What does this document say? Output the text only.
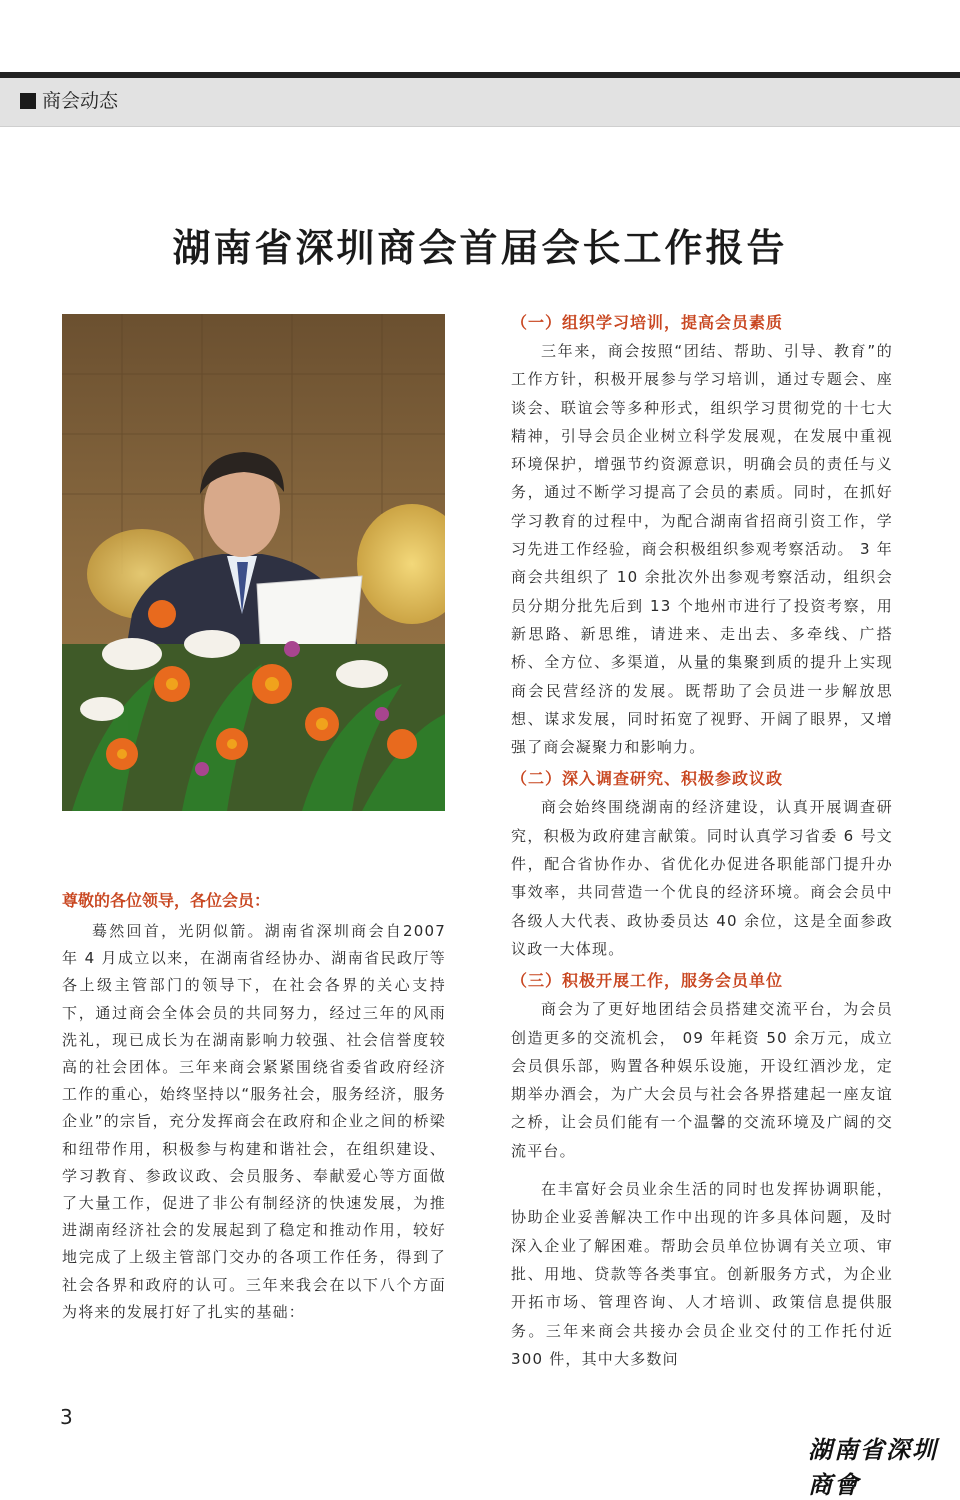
商会动态
湖南省深圳商会首届会长工作报告

尊敬的各位领导，各位会员：

蓦然回首，光阴似箭。湖南省深圳商会自2007 年 4 月成立以来，在湖南省经协办、湖南省民政厅等各上级主管部门的领导下，在社会各界的关心支持下，通过商会全体会员的共同努力，经过三年的风雨洗礼，现已成长为在湖南影响力较强、社会信誉度较高的社会团体。三年来商会紧紧围绕省委省政府经济工作的重心，始终坚持以“服务社会，服务经济，服务企业”的宗旨，充分发挥商会在政府和企业之间的桥梁和纽带作用，积极参与构建和谐社会，在组织建设、学习教育、参政议政、会员服务、奉献爱心等方面做了大量工作，促进了非公有制经济的快速发展，为推进湖南经济社会的发展起到了稳定和推动作用，较好地完成了上级主管部门交办的各项工作任务，得到了社会各界和政府的认可。三年来我会在以下八个方面为将来的发展打好了扎实的基础：

（一）组织学习培训，提高会员素质

三年来，商会按照“团结、帮助、引导、教育”的工作方针，积极开展参与学习培训，通过专题会、座谈会、联谊会等多种形式，组织学习贯彻党的十七大精神，引导会员企业树立科学发展观，在发展中重视环境保护，增强节约资源意识，明确会员的责任与义务，通过不断学习提高了会员的素质。同时，在抓好学习教育的过程中，为配合湖南省招商引资工作，学习先进工作经验，商会积极组织参观考察活动。 3 年商会共组织了 10 余批次外出参观考察活动，组织会员分期分批先后到 13 个地州市进行了投资考察，用新思路、新思维，请进来、走出去、多牵线、广搭桥、全方位、多渠道，从量的集聚到质的提升上实现商会民营经济的发展。既帮助了会员进一步解放思想、谋求发展，同时拓宽了视野、开阔了眼界，又增强了商会凝聚力和影响力。

（二）深入调查研究、积极参政议政

商会始终围绕湖南的经济建设，认真开展调查研究，积极为政府建言献策。同时认真学习省委 6 号文件，配合省协作办、省优化办促进各职能部门提升办事效率，共同营造一个优良的经济环境。商会会员中各级人大代表、政协委员达 40 余位，这是全面参政议政一大体现。

（三）积极开展工作，服务会员单位

商会为了更好地团结会员搭建交流平台，为会员创造更多的交流机会， 09 年耗资 50 余万元，成立会员俱乐部，购置各种娱乐设施，开设红酒沙龙，定期举办酒会，为广大会员与社会各界搭建起一座友谊之桥，让会员们能有一个温馨的交流环境及广阔的交流平台。

在丰富好会员业余生活的同时也发挥协调职能，协助企业妥善解决工作中出现的许多具体问题，及时深入企业了解困难。帮助会员单位协调有关立项、审批、用地、贷款等各类事宜。创新服务方式，为企业开拓市场、管理咨询、人才培训、政策信息提供服务。三年来商会共接办会员企业交付的工作托付近 300 件，其中大多数问

3
湖南省深圳商會
